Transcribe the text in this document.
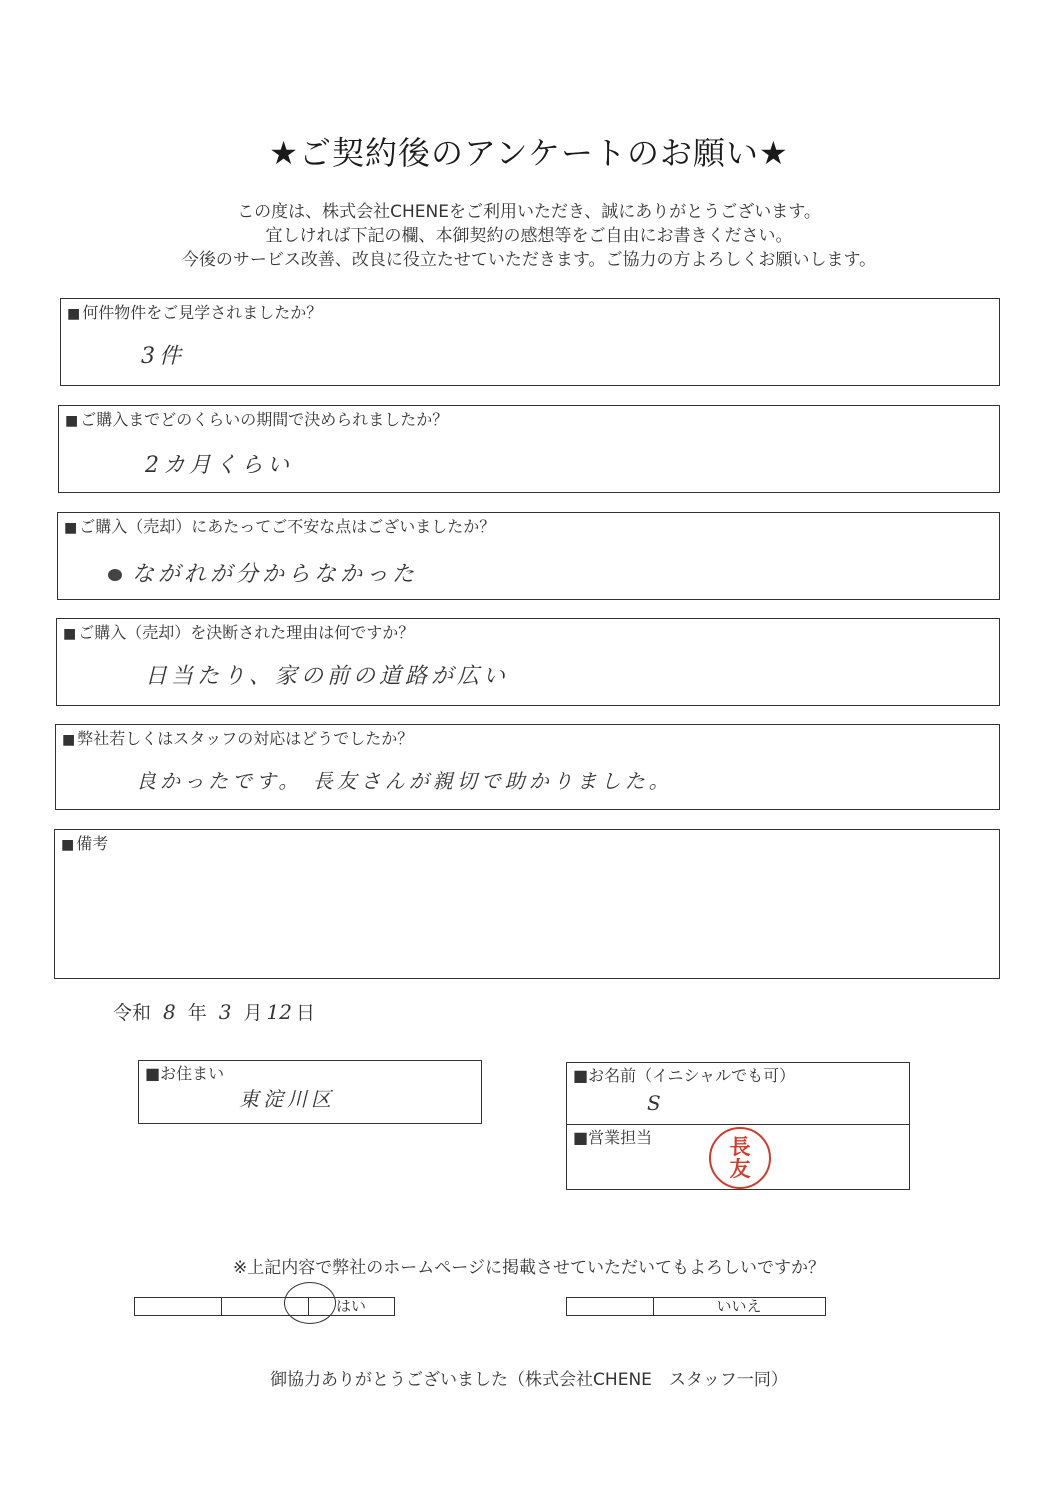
★ご契約後のアンケートのお願い★
この度は、株式会社CHENEをご利用いただき、誠にありがとうございます。
宜しければ下記の欄、本御契約の感想等をご自由にお書きください。
今後のサービス改善、改良に役立たせていただきます。ご協力の方よろしくお願いします。
■ 何件物件をご見学されましたか？
3件
■ ご購入までどのくらいの期間で決められましたか？
2カ月くらい
■ ご購入（売却）にあたってご不安な点はございましたか？
ながれが分からなかった
■ ご購入（売却）を決断された理由は何ですか？
日当たり、家の前の道路が広い
■ 弊社若しくはスタッフの対応はどうでしたか？
良かったです。 長友さんが親切で助かりました。
■ 備考
令和 8 年 3 月 12 日
■お住まい
東淀川区
■お名前（イニシャルでも可）
S
■営業担当	長
友
※上記内容で弊社のホームページに掲載させていただいてもよろしいですか？
はい	いいえ
御協力ありがとうございました（株式会社CHENE　スタッフ一同）
